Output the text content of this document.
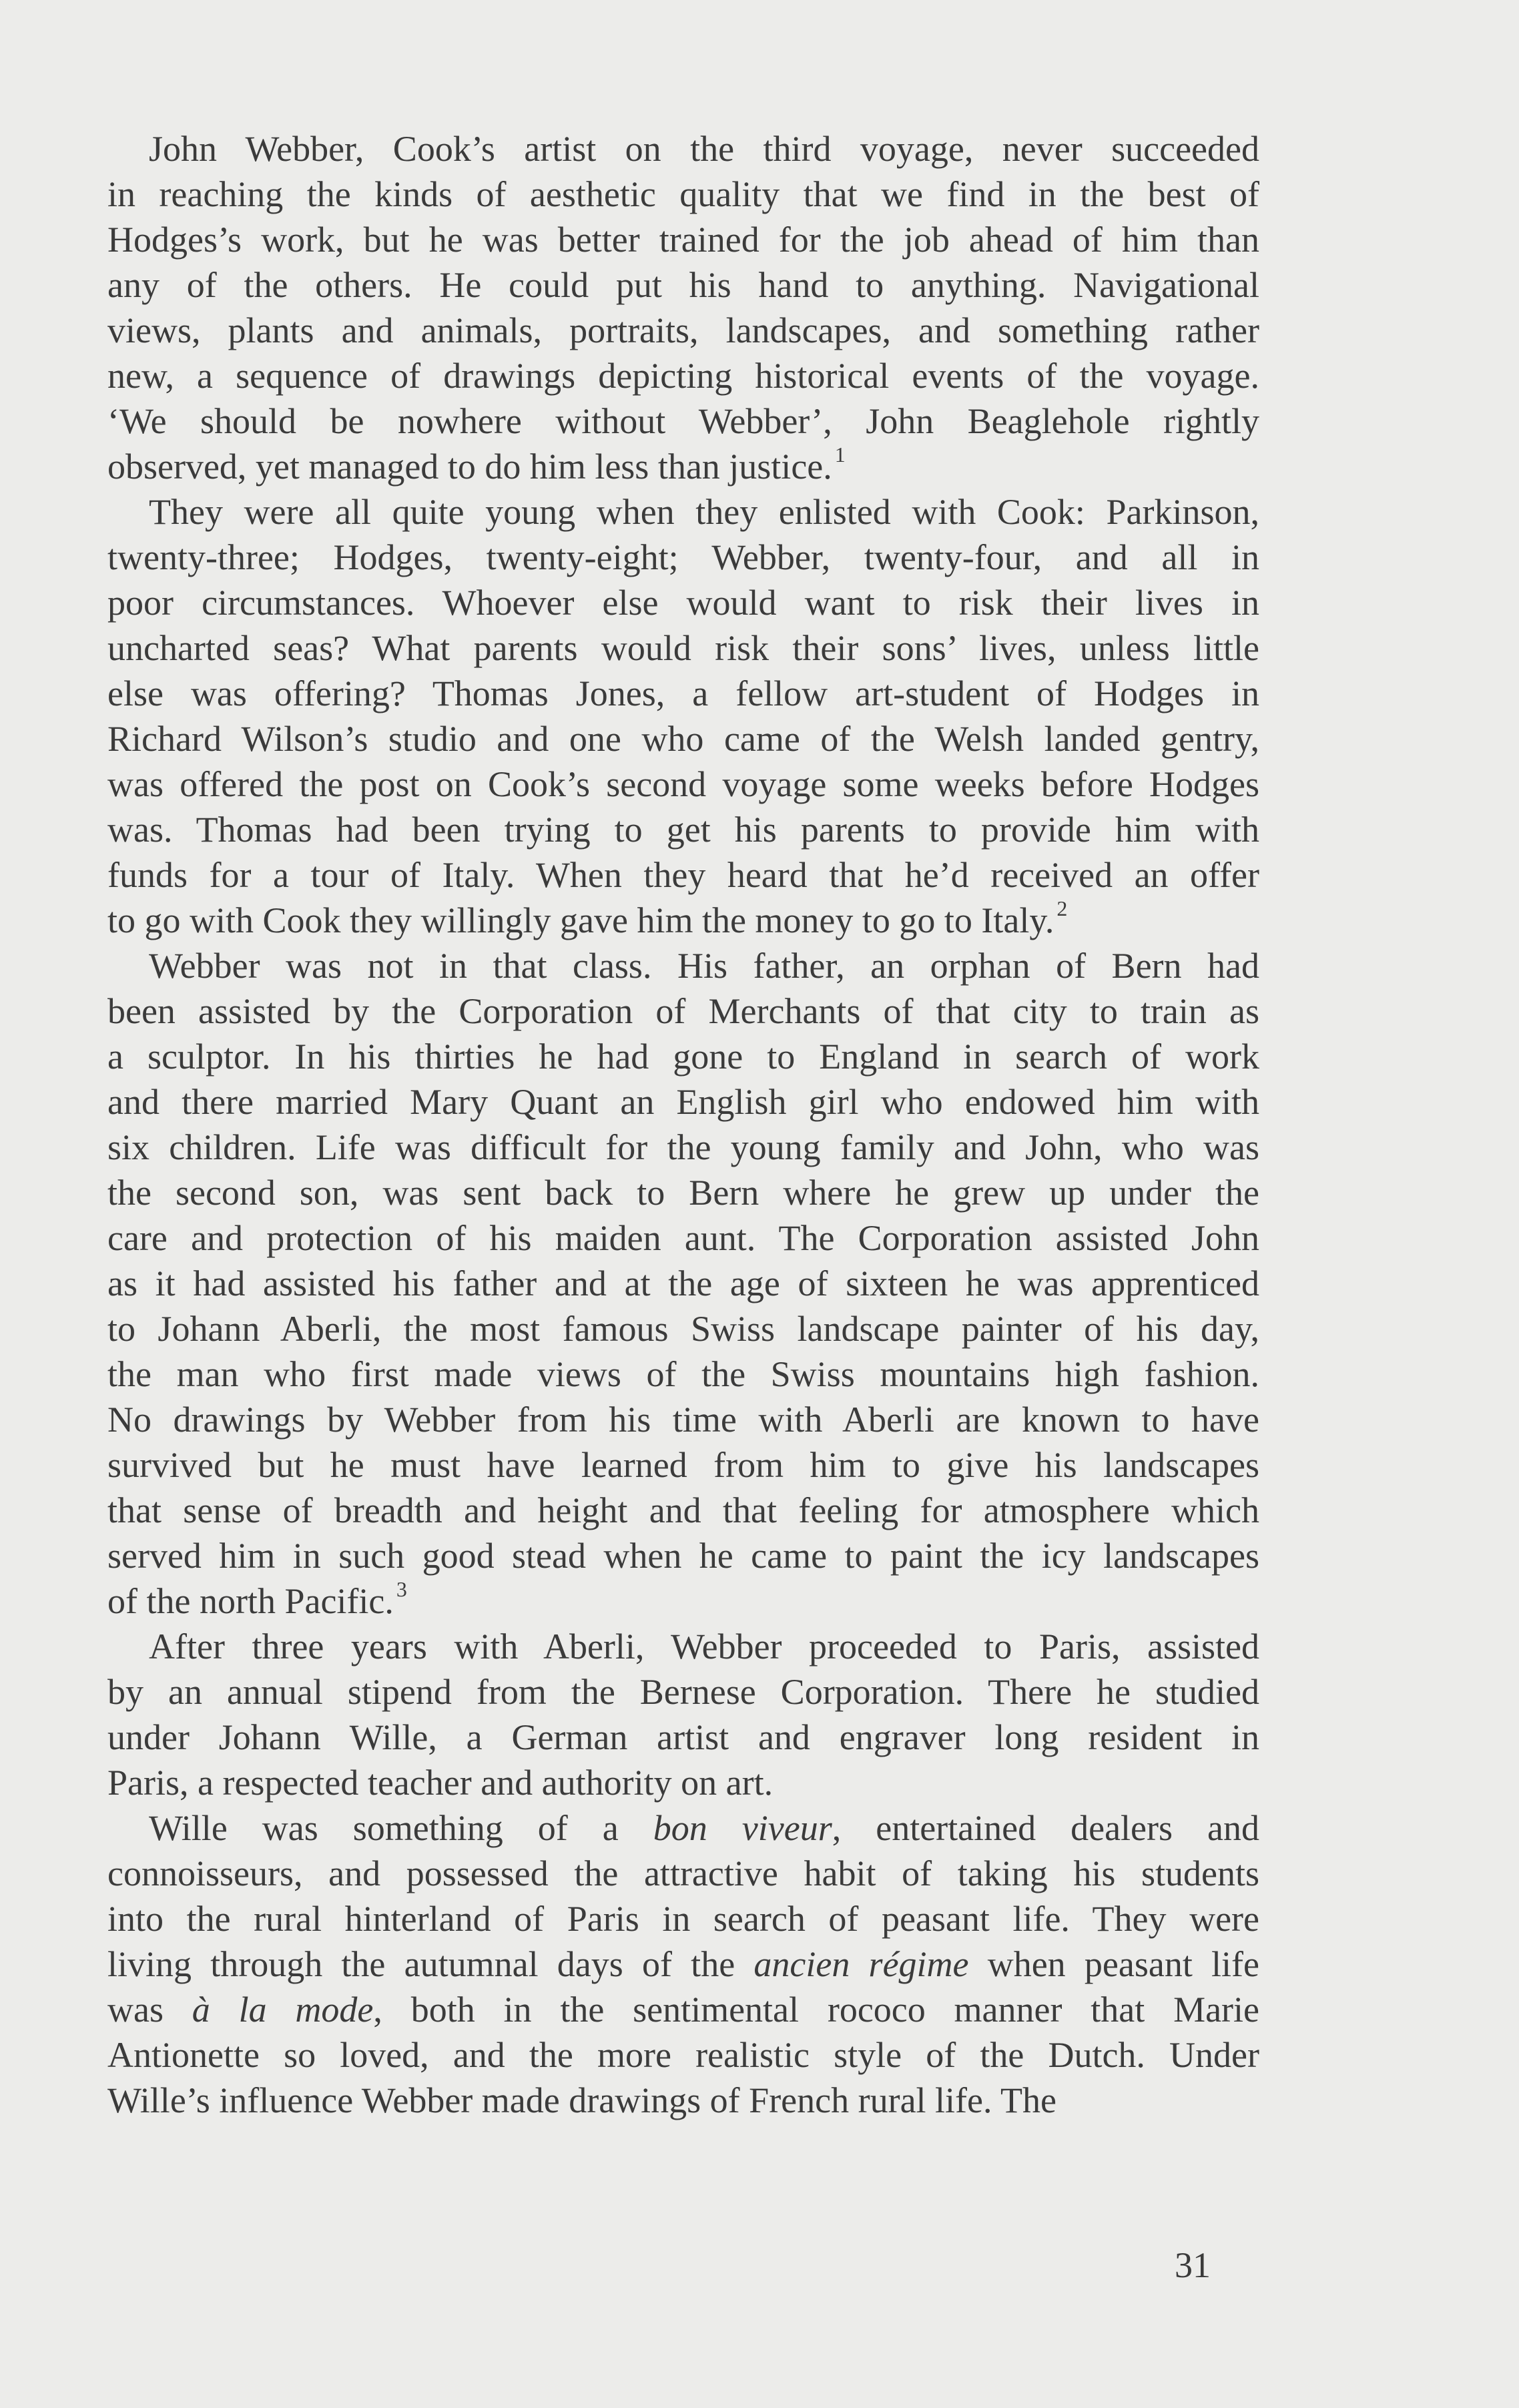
John Webber, Cook’s artist on the third voyage, never succeeded
in reaching the kinds of aesthetic quality that we find in the best of
Hodges’s work, but he was better trained for the job ahead of him than
any of the others. He could put his hand to anything. Navigational
views, plants and animals, portraits, landscapes, and something rather
new, a sequence of drawings depicting historical events of the voyage.
‘We should be nowhere without Webber’, John Beaglehole rightly
observed, yet managed to do him less than justice. $^1$
They were all quite young when they enlisted with Cook: Parkinson,
twenty-three; Hodges, twenty-eight; Webber, twenty-four, and all in
poor circumstances. Whoever else would want to risk their lives in
uncharted seas? What parents would risk their sons’ lives, unless little
else was offering? Thomas Jones, a fellow art-student of Hodges in
Richard Wilson’s studio and one who came of the Welsh landed gentry,
was offered the post on Cook’s second voyage some weeks before Hodges
was. Thomas had been trying to get his parents to provide him with
funds for a tour of Italy. When they heard that he’d received an offer
to go with Cook they willingly gave him the money to go to Italy. $^2$
Webber was not in that class. His father, an orphan of Bern had
been assisted by the Corporation of Merchants of that city to train as
a sculptor. In his thirties he had gone to England in search of work
and there married Mary Quant an English girl who endowed him with
six children. Life was difficult for the young family and John, who was
the second son, was sent back to Bern where he grew up under the
care and protection of his maiden aunt. The Corporation assisted John
as it had assisted his father and at the age of sixteen he was apprenticed
to Johann Aberli, the most famous Swiss landscape painter of his day,
the man who first made views of the Swiss mountains high fashion.
No drawings by Webber from his time with Aberli are known to have
survived but he must have learned from him to give his landscapes
that sense of breadth and height and that feeling for atmosphere which
served him in such good stead when he came to paint the icy landscapes
of the north Pacific. $^3$
After three years with Aberli, Webber proceeded to Paris, assisted
by an annual stipend from the Bernese Corporation. There he studied
under Johann Wille, a German artist and engraver long resident in
Paris, a respected teacher and authority on art.
Wille was something of a bon viveur, entertained dealers and
connoisseurs, and possessed the attractive habit of taking his students
into the rural hinterland of Paris in search of peasant life. They were
living through the autumnal days of the ancien régime when peasant life
was à la mode, both in the sentimental rococo manner that Marie
Antionette so loved, and the more realistic style of the Dutch. Under
Wille’s influence Webber made drawings of French rural life. The
31
